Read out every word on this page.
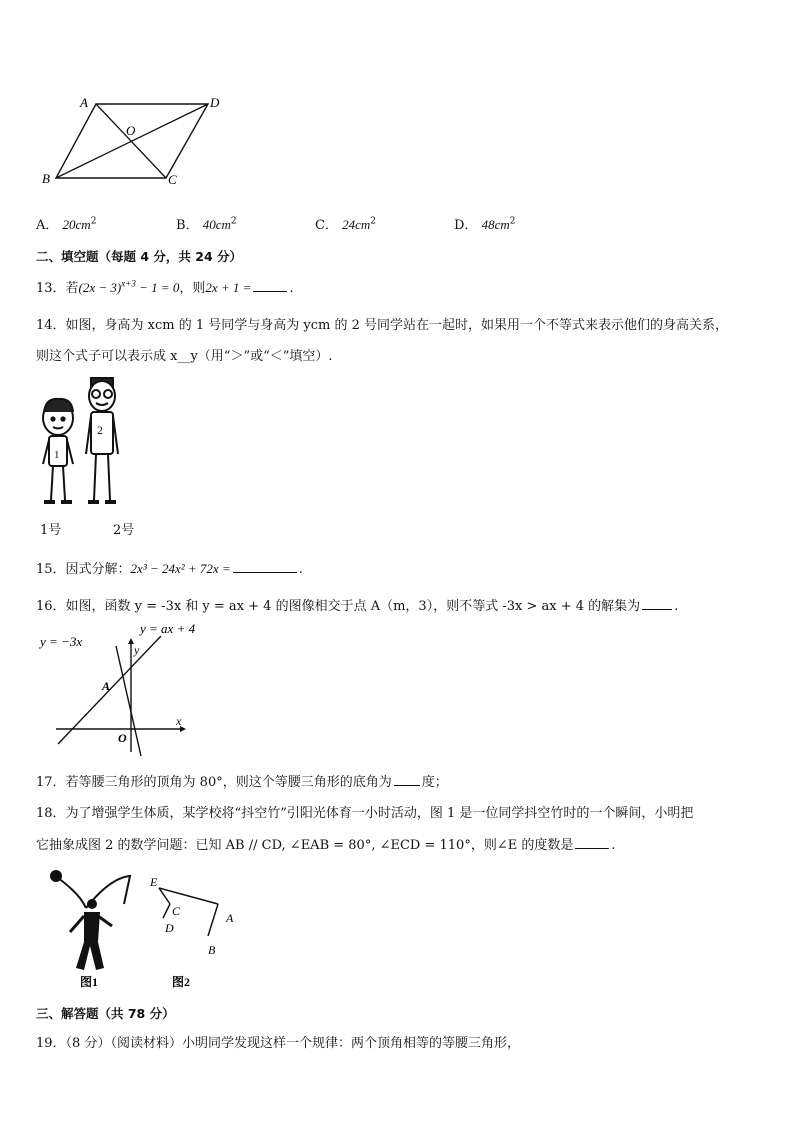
A	D
O
B	C
A． $20cm^2$	B． $40cm^2$	C． $24cm^2$	D． $48cm^2$
二、填空题（每题 4 分，共 24 分）
13．若$(2x - 3)^{x+3} - 1 = 0$，则2x + 1 =	.
14．如图，身高为 xcm 的 1 号同学与身高为 ycm 的 2 号同学站在一起时，如果用一个不等式来表示他们的身高关系，
则这个式子可以表示成 x__y（用“＞”或“＜”填空）.
1
2
1号	2号
15．因式分解：2x³ − 24x² + 72x =	.
16．如图，函数 y = -3x 和 y = ax + 4 的图像相交于点 A（m，3），则不等式 -3x > ax + 4 的解集为	.
y = −3x
y = ax + 4
x
y
A
O
17．若等腰三角形的顶角为 80°，则这个等腰三角形的底角为 度；
18．为了增强学生体质，某学校将“抖空竹”引阳光体育一小时活动，图 1 是一位同学抖空竹时的一个瞬间，小明把
它抽象成图 2 的数学问题：已知 AB // CD, ∠EAB = 80°, ∠ECD = 110°，则∠E 的度数是	.
图1
E
C
D
A
B
图2
三、解答题（共 78 分）
19．（8 分）（阅读材料）小明同学发现这样一个规律：两个顶角相等的等腰三角形，
